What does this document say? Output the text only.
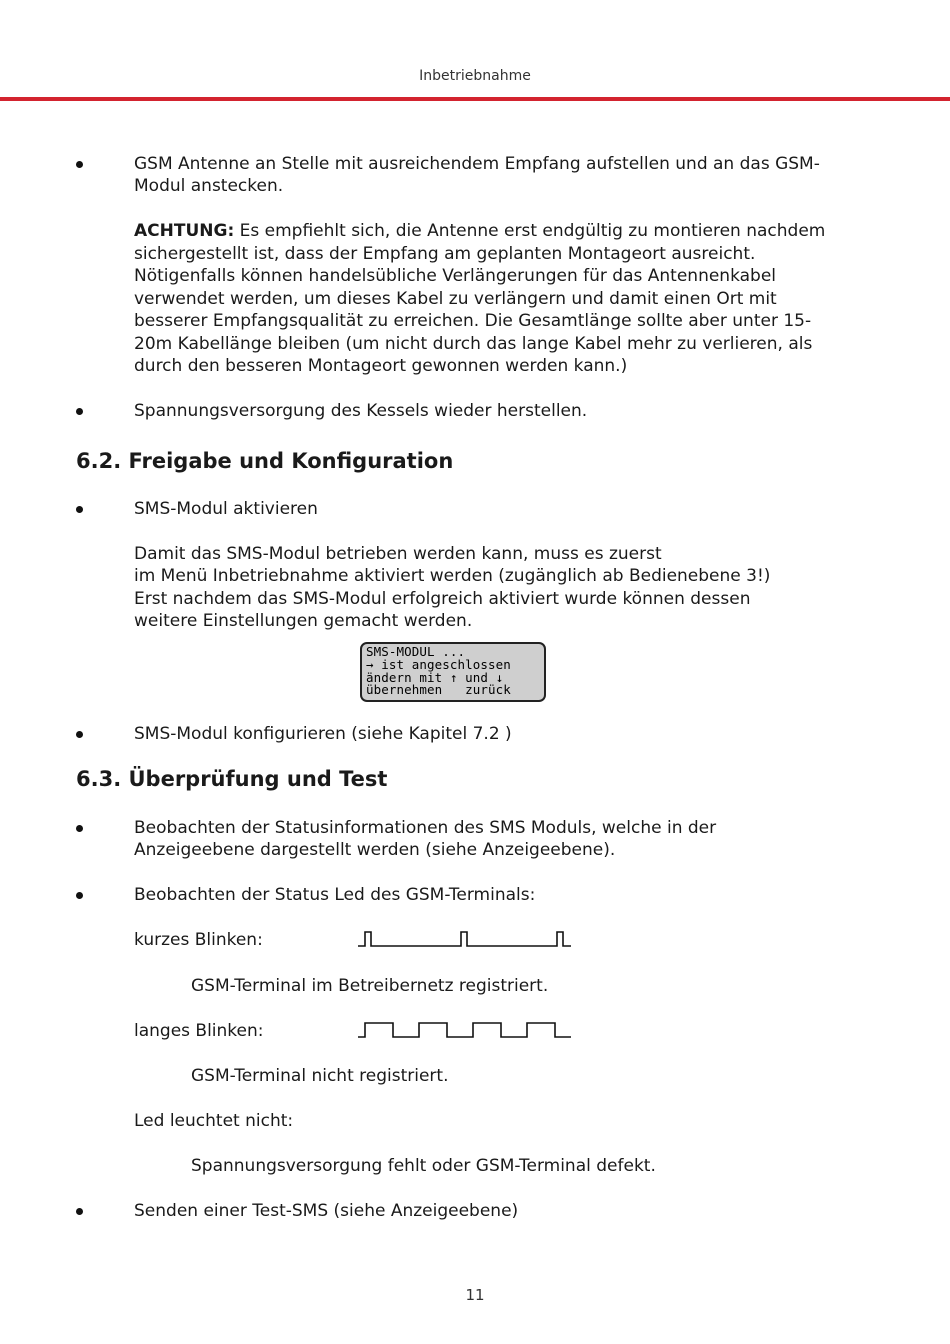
Inbetriebnahme
GSM Antenne an Stelle mit ausreichendem Empfang aufstellen und an das GSM-
Modul anstecken.
ACHTUNG: Es empfiehlt sich, die Antenne erst endgültig zu montieren nachdem
sichergestellt ist, dass der Empfang am geplanten Montageort ausreicht.
Nötigenfalls können handelsübliche Verlängerungen für das Antennenkabel
verwendet werden, um dieses Kabel zu verlängern und damit einen Ort mit
besserer Empfangsqualität zu erreichen. Die Gesamtlänge sollte aber unter 15-
20m Kabellänge bleiben (um nicht durch das lange Kabel mehr zu verlieren, als
durch den besseren Montageort gewonnen werden kann.)
Spannungsversorgung des Kessels wieder herstellen.
6.2. Freigabe und Konfiguration
SMS-Modul aktivieren
Damit das SMS-Modul betrieben werden kann, muss es zuerst
im Menü Inbetriebnahme aktiviert werden (zugänglich ab Bedienebene 3!)
Erst nachdem das SMS-Modul erfolgreich aktiviert wurde können dessen
weitere Einstellungen gemacht werden.
SMS-MODUL ...
→ ist angeschlossen
ändern mit ↑ und ↓
übernehmen   zurück
SMS-Modul konfigurieren (siehe Kapitel 7.2 )
6.3. Überprüfung und Test
Beobachten der Statusinformationen des SMS Moduls, welche in der
Anzeigeebene dargestellt werden (siehe Anzeigeebene).
Beobachten der Status Led des GSM-Terminals:
kurzes Blinken:
GSM-Terminal im Betreibernetz registriert.
langes Blinken:
GSM-Terminal nicht registriert.
Led leuchtet nicht:
Spannungsversorgung fehlt oder GSM-Terminal defekt.
Senden einer Test-SMS (siehe Anzeigeebene)
11
